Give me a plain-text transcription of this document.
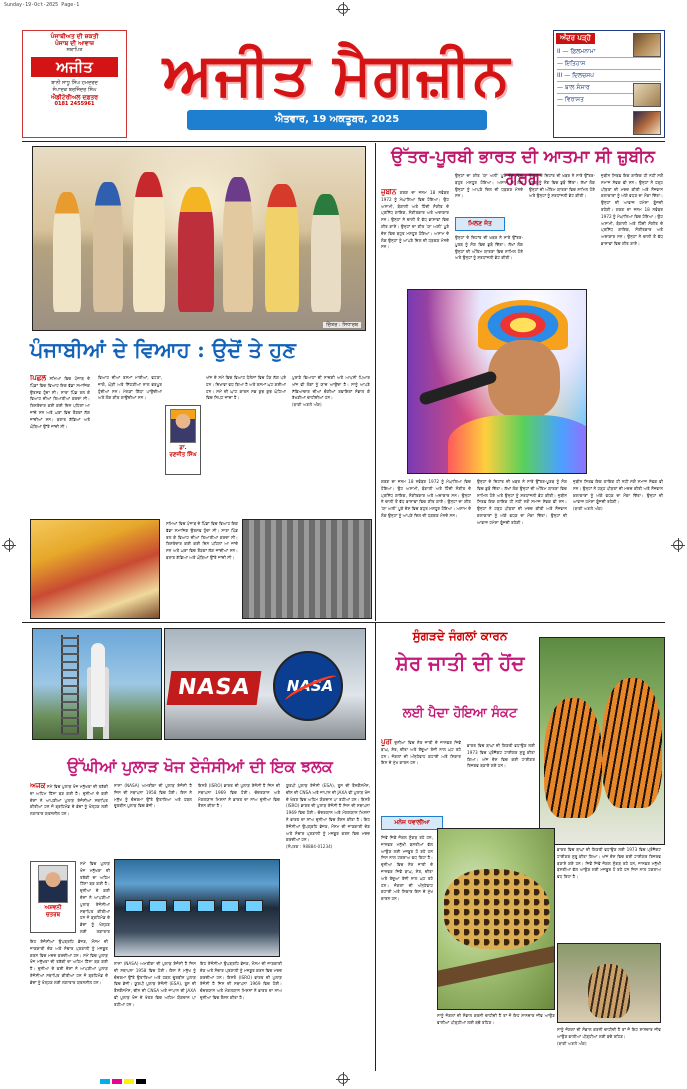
Sunday-19-Oct-2025 Page-1
ਪੰਜਾਬੀਅਤ ਦੀ ਸ਼ਕਤੀ
ਪੰਜਾਬ ਦੀ ਆਵਾਜ਼
ਸਥਾਪਿਤ
ਅਜੀਤ
ਬਾਨੀ ਸਾਧੂ ਸਿੰਘ ਹਮਦਰਦ
ਸੰਪਾਦਕ ਬਰਜਿੰਦਰ ਸਿੰਘ
ਐਡੀਟੋਰੀਅਲ ਦਫ਼ਤਰ
0181 2455961	ਅਜੀਤ ਮੈਗਜ਼ੀਨ
ਐਤਵਾਰ, 19 ਅਕਤੂਬਰ, 2025
ਅੰਦਰ ਪੜ੍ਹੋ
II — ਫ਼ਿਲਮਨਾਮਾ
— ਇਤਿਹਾਸ
III — ਦਿਲਚਸਪ
— ਬਾਲ ਸੰਸਾਰ
— ਵਿਰਾਸਤ
ਚਿੱਤਰ : ਸਿਧਾਰਥ
ਪੰਜਾਬੀਆਂ ਦੇ ਵਿਆਹ : ਉਦੋਂ ਤੇ ਹੁਣ
ਪਿਛਲੇ ਸਮਿਆਂ ਵਿਚ ਪੰਜਾਬ ਦੇ ਪਿੰਡਾਂ ਵਿਚ ਵਿਆਹ ਇਕ ਵੱਡਾ ਸਮਾਜਿਕ ਉਤਸਵ ਹੁੰਦਾ ਸੀ। ਸਾਰਾ ਪਿੰਡ ਰਲ ਕੇ ਵਿਆਹ ਦੀਆਂ ਤਿਆਰੀਆਂ ਕਰਦਾ ਸੀ। ਰਿਸ਼ਤੇਦਾਰ ਕਈ ਕਈ ਦਿਨ ਪਹਿਲਾਂ ਆ ਜਾਂਦੇ ਸਨ ਅਤੇ ਘਰਾਂ ਵਿਚ ਰੌਣਕਾਂ ਲੱਗ ਜਾਂਦੀਆਂ ਸਨ। ਬਰਾਤ ਗੱਡਿਆਂ ਅਤੇ ਘੋੜਿਆਂ ਉੱਤੇ ਜਾਂਦੀ ਸੀ।
ਵਿਆਹ ਦੀਆਂ ਰਸਮਾਂ ਮਾਈਆਂ, ਵਟਣਾ, ਜਾਗੋ, ਘੋੜੀ ਅਤੇ ਸਿੱਠਣੀਆਂ ਨਾਲ ਭਰਪੂਰ ਹੁੰਦੀਆਂ ਸਨ। ਮੇਲਣਾਂ ਗਿੱਧਾ ਪਾਉਂਦੀਆਂ ਅਤੇ ਲੋਕ ਗੀਤ ਗਾਉਂਦੀਆਂ ਸਨ।
ਡਾ.
ਰਣਜੀਤ ਸਿੰਘ
ਅੱਜ ਦੇ ਸਮੇਂ ਵਿਚ ਵਿਆਹ ਪੈਲੇਸਾਂ ਵਿਚ ਹੋਣ ਲੱਗ ਪਏ ਹਨ। ਦਿਖਾਵਾ ਵਧ ਗਿਆ ਹੈ ਅਤੇ ਰਸਮਾਂ ਘਟ ਗਈਆਂ ਹਨ। ਸਮੇਂ ਦੀ ਘਾਟ ਕਾਰਨ ਸਭ ਕੁਝ ਕੁਝ ਘੰਟਿਆਂ ਵਿਚ ਨਿਪਟ ਜਾਂਦਾ ਹੈ।
ਪੁਰਾਣੇ ਵਿਆਹਾਂ ਦੀ ਸਾਦਗੀ ਅਤੇ ਆਪਸੀ ਪਿਆਰ ਅੱਜ ਵੀ ਲੋਕਾਂ ਨੂੰ ਯਾਦ ਆਉਂਦਾ ਹੈ। ਸਾਨੂੰ ਆਪਣੇ ਸੱਭਿਆਚਾਰ ਦੀਆਂ ਚੰਗੀਆਂ ਰਵਾਇਤਾਂ ਸੰਭਾਲ ਕੇ ਰੱਖਣੀਆਂ ਚਾਹੀਦੀਆਂ ਹਨ।
(ਬਾਕੀ ਅਗਲੇ ਅੰਕ)
ਸਮਿਆਂ ਵਿਚ ਪੰਜਾਬ ਦੇ ਪਿੰਡਾਂ ਵਿਚ ਵਿਆਹ ਇਕ ਵੱਡਾ ਸਮਾਜਿਕ ਉਤਸਵ ਹੁੰਦਾ ਸੀ। ਸਾਰਾ ਪਿੰਡ ਰਲ ਕੇ ਵਿਆਹ ਦੀਆਂ ਤਿਆਰੀਆਂ ਕਰਦਾ ਸੀ। ਰਿਸ਼ਤੇਦਾਰ ਕਈ ਕਈ ਦਿਨ ਪਹਿਲਾਂ ਆ ਜਾਂਦੇ ਸਨ ਅਤੇ ਘਰਾਂ ਵਿਚ ਰੌਣਕਾਂ ਲੱਗ ਜਾਂਦੀਆਂ ਸਨ। ਬਰਾਤ ਗੱਡਿਆਂ ਅਤੇ ਘੋੜਿਆਂ ਉੱਤੇ ਜਾਂਦੀ ਸੀ।
ਉੱਤਰ-ਪੂਰਬੀ ਭਾਰਤ ਦੀ ਆਤਮਾ ਸੀ ਜ਼ੁਬੀਨ ਗਰਗ
ਜ਼ੁਬੀਨ ਗਰਗ ਦਾ ਜਨਮ 18 ਨਵੰਬਰ 1972 ਨੂੰ ਮੇਘਾਲਿਆ ਵਿਚ ਹੋਇਆ। ਉਹ ਅਸਾਮੀ, ਬੰਗਾਲੀ ਅਤੇ ਹਿੰਦੀ ਸੰਗੀਤ ਦੇ ਪ੍ਰਸਿੱਧ ਗਾਇਕ, ਸੰਗੀਤਕਾਰ ਅਤੇ ਅਦਾਕਾਰ ਸਨ। ਉਨ੍ਹਾਂ ਨੇ ਚਾਲੀ ਤੋਂ ਵੱਧ ਭਾਸ਼ਾਵਾਂ ਵਿਚ ਗੀਤ ਗਾਏ। ਉਨ੍ਹਾਂ ਦਾ ਗੀਤ 'ਯਾ ਅਲੀ' ਪੂਰੇ ਦੇਸ਼ ਵਿਚ ਬਹੁਤ ਮਸ਼ਹੂਰ ਹੋਇਆ। ਅਸਾਮ ਦੇ ਲੋਕ ਉਨ੍ਹਾਂ ਨੂੰ ਆਪਣੇ ਦਿਲ ਦੀ ਧੜਕਣ ਮੰਨਦੇ ਸਨ।
ਉਨ੍ਹਾਂ ਦਾ ਗੀਤ 'ਯਾ ਅਲੀ' ਪੂਰੇ ਦੇਸ਼ ਵਿਚ ਬਹੁਤ ਮਸ਼ਹੂਰ ਹੋਇਆ। ਅਸਾਮ ਦੇ ਲੋਕ ਉਨ੍ਹਾਂ ਨੂੰ ਆਪਣੇ ਦਿਲ ਦੀ ਧੜਕਣ ਮੰਨਦੇ ਸਨ।
ਮਿਲਣ ਜੋਤ
ਉਨ੍ਹਾਂ ਦੇ ਦਿਹਾਂਤ ਦੀ ਖ਼ਬਰ ਨੇ ਸਾਰੇ ਉੱਤਰ-ਪੂਰਬ ਨੂੰ ਸੋਗ ਵਿਚ ਡੁਬੋ ਦਿੱਤਾ। ਲੱਖਾਂ ਲੋਕ ਉਨ੍ਹਾਂ ਦੀ ਅੰਤਿਮ ਯਾਤਰਾ ਵਿਚ ਸ਼ਾਮਿਲ ਹੋਏ ਅਤੇ ਉਨ੍ਹਾਂ ਨੂੰ ਸ਼ਰਧਾਂਜਲੀ ਭੇਟ ਕੀਤੀ।
ਉਨ੍ਹਾਂ ਦੇ ਦਿਹਾਂਤ ਦੀ ਖ਼ਬਰ ਨੇ ਸਾਰੇ ਉੱਤਰ-ਪੂਰਬ ਨੂੰ ਸੋਗ ਵਿਚ ਡੁਬੋ ਦਿੱਤਾ। ਲੱਖਾਂ ਲੋਕ ਉਨ੍ਹਾਂ ਦੀ ਅੰਤਿਮ ਯਾਤਰਾ ਵਿਚ ਸ਼ਾਮਿਲ ਹੋਏ ਅਤੇ ਉਨ੍ਹਾਂ ਨੂੰ ਸ਼ਰਧਾਂਜਲੀ ਭੇਟ ਕੀਤੀ।
ਜ਼ੁਬੀਨ ਸਿਰਫ਼ ਇਕ ਗਾਇਕ ਹੀ ਨਹੀਂ ਸਗੋਂ ਸਮਾਜ ਸੇਵਕ ਵੀ ਸਨ। ਉਨ੍ਹਾਂ ਨੇ ਹੜ੍ਹ ਪੀੜਤਾਂ ਦੀ ਮਦਦ ਕੀਤੀ ਅਤੇ ਨੌਜਵਾਨ ਕਲਾਕਾਰਾਂ ਨੂੰ ਅੱਗੇ ਵਧਣ ਦਾ ਮੌਕਾ ਦਿੱਤਾ। ਉਨ੍ਹਾਂ ਦੀ ਆਵਾਜ਼ ਹਮੇਸ਼ਾ ਗੂੰਜਦੀ ਰਹੇਗੀ। ਗਰਗ ਦਾ ਜਨਮ 18 ਨਵੰਬਰ 1972 ਨੂੰ ਮੇਘਾਲਿਆ ਵਿਚ ਹੋਇਆ। ਉਹ ਅਸਾਮੀ, ਬੰਗਾਲੀ ਅਤੇ ਹਿੰਦੀ ਸੰਗੀਤ ਦੇ ਪ੍ਰਸਿੱਧ ਗਾਇਕ, ਸੰਗੀਤਕਾਰ ਅਤੇ ਅਦਾਕਾਰ ਸਨ। ਉਨ੍ਹਾਂ ਨੇ ਚਾਲੀ ਤੋਂ ਵੱਧ ਭਾਸ਼ਾਵਾਂ ਵਿਚ ਗੀਤ ਗਾਏ।
ਗਰਗ ਦਾ ਜਨਮ 18 ਨਵੰਬਰ 1972 ਨੂੰ ਮੇਘਾਲਿਆ ਵਿਚ ਹੋਇਆ। ਉਹ ਅਸਾਮੀ, ਬੰਗਾਲੀ ਅਤੇ ਹਿੰਦੀ ਸੰਗੀਤ ਦੇ ਪ੍ਰਸਿੱਧ ਗਾਇਕ, ਸੰਗੀਤਕਾਰ ਅਤੇ ਅਦਾਕਾਰ ਸਨ। ਉਨ੍ਹਾਂ ਨੇ ਚਾਲੀ ਤੋਂ ਵੱਧ ਭਾਸ਼ਾਵਾਂ ਵਿਚ ਗੀਤ ਗਾਏ। ਉਨ੍ਹਾਂ ਦਾ ਗੀਤ 'ਯਾ ਅਲੀ' ਪੂਰੇ ਦੇਸ਼ ਵਿਚ ਬਹੁਤ ਮਸ਼ਹੂਰ ਹੋਇਆ। ਅਸਾਮ ਦੇ ਲੋਕ ਉਨ੍ਹਾਂ ਨੂੰ ਆਪਣੇ ਦਿਲ ਦੀ ਧੜਕਣ ਮੰਨਦੇ ਸਨ।
ਉਨ੍ਹਾਂ ਦੇ ਦਿਹਾਂਤ ਦੀ ਖ਼ਬਰ ਨੇ ਸਾਰੇ ਉੱਤਰ-ਪੂਰਬ ਨੂੰ ਸੋਗ ਵਿਚ ਡੁਬੋ ਦਿੱਤਾ। ਲੱਖਾਂ ਲੋਕ ਉਨ੍ਹਾਂ ਦੀ ਅੰਤਿਮ ਯਾਤਰਾ ਵਿਚ ਸ਼ਾਮਿਲ ਹੋਏ ਅਤੇ ਉਨ੍ਹਾਂ ਨੂੰ ਸ਼ਰਧਾਂਜਲੀ ਭੇਟ ਕੀਤੀ। ਜ਼ੁਬੀਨ ਸਿਰਫ਼ ਇਕ ਗਾਇਕ ਹੀ ਨਹੀਂ ਸਗੋਂ ਸਮਾਜ ਸੇਵਕ ਵੀ ਸਨ। ਉਨ੍ਹਾਂ ਨੇ ਹੜ੍ਹ ਪੀੜਤਾਂ ਦੀ ਮਦਦ ਕੀਤੀ ਅਤੇ ਨੌਜਵਾਨ ਕਲਾਕਾਰਾਂ ਨੂੰ ਅੱਗੇ ਵਧਣ ਦਾ ਮੌਕਾ ਦਿੱਤਾ। ਉਨ੍ਹਾਂ ਦੀ ਆਵਾਜ਼ ਹਮੇਸ਼ਾ ਗੂੰਜਦੀ ਰਹੇਗੀ।
ਜ਼ੁਬੀਨ ਸਿਰਫ਼ ਇਕ ਗਾਇਕ ਹੀ ਨਹੀਂ ਸਗੋਂ ਸਮਾਜ ਸੇਵਕ ਵੀ ਸਨ। ਉਨ੍ਹਾਂ ਨੇ ਹੜ੍ਹ ਪੀੜਤਾਂ ਦੀ ਮਦਦ ਕੀਤੀ ਅਤੇ ਨੌਜਵਾਨ ਕਲਾਕਾਰਾਂ ਨੂੰ ਅੱਗੇ ਵਧਣ ਦਾ ਮੌਕਾ ਦਿੱਤਾ। ਉਨ੍ਹਾਂ ਦੀ ਆਵਾਜ਼ ਹਮੇਸ਼ਾ ਗੂੰਜਦੀ ਰਹੇਗੀ।
(ਬਾਕੀ ਅਗਲੇ ਅੰਕ)
NASA	NASA
ਉੱਘੀਆਂ ਪੁਲਾੜ ਖੋਜ ਏਜੰਸੀਆਂ ਦੀ ਇਕ ਝਲਕ
ਅਜੋਕੇ ਸਮੇਂ ਵਿਚ ਪੁਲਾੜ ਖੋਜ ਮਨੁੱਖਤਾ ਦੀ ਤਰੱਕੀ ਦਾ ਅਹਿਮ ਹਿੱਸਾ ਬਣ ਗਈ ਹੈ। ਦੁਨੀਆ ਦੇ ਕਈ ਦੇਸ਼ਾਂ ਨੇ ਆਪਣੀਆਂ ਪੁਲਾੜ ਏਜੰਸੀਆਂ ਸਥਾਪਿਤ ਕੀਤੀਆਂ ਹਨ ਜੋ ਬ੍ਰਹਿਮੰਡ ਦੇ ਭੇਦਾਂ ਨੂੰ ਖੋਲ੍ਹਣ ਲਈ ਲਗਾਤਾਰ ਯਤਨਸ਼ੀਲ ਹਨ।
ਅਸ਼ਵਨੀ
ਚਤਰਥ
ਸਮੇਂ ਵਿਚ ਪੁਲਾੜ ਖੋਜ ਮਨੁੱਖਤਾ ਦੀ ਤਰੱਕੀ ਦਾ ਅਹਿਮ ਹਿੱਸਾ ਬਣ ਗਈ ਹੈ। ਦੁਨੀਆ ਦੇ ਕਈ ਦੇਸ਼ਾਂ ਨੇ ਆਪਣੀਆਂ ਪੁਲਾੜ ਏਜੰਸੀਆਂ ਸਥਾਪਿਤ ਕੀਤੀਆਂ ਹਨ ਜੋ ਬ੍ਰਹਿਮੰਡ ਦੇ ਭੇਦਾਂ ਨੂੰ ਖੋਲ੍ਹਣ ਲਈ ਲਗਾਤਾਰ
ਇਹ ਏਜੰਸੀਆਂ ਉਪਗ੍ਰਹਿ ਭੇਜਣ, ਮੌਸਮ ਦੀ ਜਾਣਕਾਰੀ ਦੇਣ ਅਤੇ ਸੰਚਾਰ ਪ੍ਰਣਾਲੀ ਨੂੰ ਮਜ਼ਬੂਤ ਕਰਨ ਵਿਚ ਮਦਦ ਕਰਦੀਆਂ ਹਨ। ਸਮੇਂ ਵਿਚ ਪੁਲਾੜ ਖੋਜ ਮਨੁੱਖਤਾ ਦੀ ਤਰੱਕੀ ਦਾ ਅਹਿਮ ਹਿੱਸਾ ਬਣ ਗਈ ਹੈ। ਦੁਨੀਆ ਦੇ ਕਈ ਦੇਸ਼ਾਂ ਨੇ ਆਪਣੀਆਂ ਪੁਲਾੜ ਏਜੰਸੀਆਂ ਸਥਾਪਿਤ ਕੀਤੀਆਂ ਹਨ ਜੋ ਬ੍ਰਹਿਮੰਡ ਦੇ ਭੇਦਾਂ ਨੂੰ ਖੋਲ੍ਹਣ ਲਈ ਲਗਾਤਾਰ ਯਤਨਸ਼ੀਲ ਹਨ।
ਨਾਸਾ (NASA) ਅਮਰੀਕਾ ਦੀ ਪੁਲਾੜ ਏਜੰਸੀ ਹੈ ਜਿਸ ਦੀ ਸਥਾਪਨਾ 1958 ਵਿਚ ਹੋਈ। ਇਸ ਨੇ ਮਨੁੱਖ ਨੂੰ ਚੰਦਰਮਾ ਉੱਤੇ ਉਤਾਰਿਆ ਅਤੇ ਹਬਲ ਦੂਰਬੀਨ ਪੁਲਾੜ ਵਿਚ ਭੇਜੀ।
ਇਸਰੋ (ISRO) ਭਾਰਤ ਦੀ ਪੁਲਾੜ ਏਜੰਸੀ ਹੈ ਜਿਸ ਦੀ ਸਥਾਪਨਾ 1969 ਵਿਚ ਹੋਈ। ਚੰਦਰਯਾਨ ਅਤੇ ਮੰਗਲਯਾਨ ਮਿਸ਼ਨਾਂ ਨੇ ਭਾਰਤ ਦਾ ਨਾਂਅ ਦੁਨੀਆ ਵਿਚ ਰੌਸ਼ਨ ਕੀਤਾ ਹੈ।
ਯੂਰਪੀ ਪੁਲਾੜ ਏਜੰਸੀ (ESA), ਰੂਸ ਦੀ ਰੌਸਕੌਸਮੌਸ, ਚੀਨ ਦੀ CNSA ਅਤੇ ਜਾਪਾਨ ਦੀ JAXA ਵੀ ਪੁਲਾੜ ਖੋਜ ਦੇ ਖੇਤਰ ਵਿਚ ਅਹਿਮ ਯੋਗਦਾਨ ਪਾ ਰਹੀਆਂ ਹਨ। ਇਸਰੋ (ISRO) ਭਾਰਤ ਦੀ ਪੁਲਾੜ ਏਜੰਸੀ ਹੈ ਜਿਸ ਦੀ ਸਥਾਪਨਾ 1969 ਵਿਚ ਹੋਈ। ਚੰਦਰਯਾਨ ਅਤੇ ਮੰਗਲਯਾਨ ਮਿਸ਼ਨਾਂ ਨੇ ਭਾਰਤ ਦਾ ਨਾਂਅ ਦੁਨੀਆ ਵਿਚ ਰੌਸ਼ਨ ਕੀਤਾ ਹੈ। ਇਹ ਏਜੰਸੀਆਂ ਉਪਗ੍ਰਹਿ ਭੇਜਣ, ਮੌਸਮ ਦੀ ਜਾਣਕਾਰੀ ਦੇਣ ਅਤੇ ਸੰਚਾਰ ਪ੍ਰਣਾਲੀ ਨੂੰ ਮਜ਼ਬੂਤ ਕਰਨ ਵਿਚ ਮਦਦ ਕਰਦੀਆਂ ਹਨ।
(ਸੰਪਰਕ : 98884-01234)
ਨਾਸਾ (NASA) ਅਮਰੀਕਾ ਦੀ ਪੁਲਾੜ ਏਜੰਸੀ ਹੈ ਜਿਸ ਦੀ ਸਥਾਪਨਾ 1958 ਵਿਚ ਹੋਈ। ਇਸ ਨੇ ਮਨੁੱਖ ਨੂੰ ਚੰਦਰਮਾ ਉੱਤੇ ਉਤਾਰਿਆ ਅਤੇ ਹਬਲ ਦੂਰਬੀਨ ਪੁਲਾੜ ਵਿਚ ਭੇਜੀ। ਯੂਰਪੀ ਪੁਲਾੜ ਏਜੰਸੀ (ESA), ਰੂਸ ਦੀ ਰੌਸਕੌਸਮੌਸ, ਚੀਨ ਦੀ CNSA ਅਤੇ ਜਾਪਾਨ ਦੀ JAXA ਵੀ ਪੁਲਾੜ ਖੋਜ ਦੇ ਖੇਤਰ ਵਿਚ ਅਹਿਮ ਯੋਗਦਾਨ ਪਾ ਰਹੀਆਂ ਹਨ।
ਇਹ ਏਜੰਸੀਆਂ ਉਪਗ੍ਰਹਿ ਭੇਜਣ, ਮੌਸਮ ਦੀ ਜਾਣਕਾਰੀ ਦੇਣ ਅਤੇ ਸੰਚਾਰ ਪ੍ਰਣਾਲੀ ਨੂੰ ਮਜ਼ਬੂਤ ਕਰਨ ਵਿਚ ਮਦਦ ਕਰਦੀਆਂ ਹਨ। ਇਸਰੋ (ISRO) ਭਾਰਤ ਦੀ ਪੁਲਾੜ ਏਜੰਸੀ ਹੈ ਜਿਸ ਦੀ ਸਥਾਪਨਾ 1969 ਵਿਚ ਹੋਈ। ਚੰਦਰਯਾਨ ਅਤੇ ਮੰਗਲਯਾਨ ਮਿਸ਼ਨਾਂ ਨੇ ਭਾਰਤ ਦਾ ਨਾਂਅ ਦੁਨੀਆ ਵਿਚ ਰੌਸ਼ਨ ਕੀਤਾ ਹੈ।
ਸੁੰਗੜਦੇ ਜੰਗਲਾਂ ਕਾਰਨ
ਸ਼ੇਰ ਜਾਤੀ ਦੀ ਹੋਂਦ
ਲਈ ਪੈਦਾ ਹੋਇਆ ਸੰਕਟ
ਪੂਰੀ ਦੁਨੀਆ ਵਿਚ ਸ਼ੇਰ ਜਾਤੀ ਦੇ ਜਾਨਵਰ ਜਿਵੇਂ ਬਾਘ, ਸ਼ੇਰ, ਚੀਤਾ ਅਤੇ ਤੇਂਦੂਆ ਤੇਜ਼ੀ ਨਾਲ ਘਟ ਰਹੇ ਹਨ। ਜੰਗਲਾਂ ਦੀ ਅੰਨ੍ਹੇਵਾਹ ਕਟਾਈ ਅਤੇ ਸ਼ਿਕਾਰ ਇਸ ਦੇ ਮੁੱਖ ਕਾਰਨ ਹਨ।
ਭਾਰਤ ਵਿਚ ਬਾਘਾਂ ਦੀ ਗਿਣਤੀ ਵਧਾਉਣ ਲਈ 1973 ਵਿਚ ਪ੍ਰੋਜੈਕਟ ਟਾਈਗਰ ਸ਼ੁਰੂ ਕੀਤਾ ਗਿਆ। ਅੱਜ ਦੇਸ਼ ਵਿਚ ਕਈ ਟਾਈਗਰ ਰਿਜ਼ਰਵ ਬਣਾਏ ਗਏ ਹਨ।
ਮਨੋਜ ਧਵਾਲੀਆ
ਜਿਵੇਂ ਜਿਵੇਂ ਜੰਗਲ ਸੁੰਗੜ ਰਹੇ ਹਨ, ਜਾਨਵਰ ਮਨੁੱਖੀ ਬਸਤੀਆਂ ਵੱਲ ਆਉਣ ਲਈ ਮਜਬੂਰ ਹੋ ਰਹੇ ਹਨ ਜਿਸ ਨਾਲ ਟਕਰਾਅ ਵਧ ਰਿਹਾ ਹੈ। ਦੁਨੀਆ ਵਿਚ ਸ਼ੇਰ ਜਾਤੀ ਦੇ ਜਾਨਵਰ ਜਿਵੇਂ ਬਾਘ, ਸ਼ੇਰ, ਚੀਤਾ ਅਤੇ ਤੇਂਦੂਆ ਤੇਜ਼ੀ ਨਾਲ ਘਟ ਰਹੇ ਹਨ। ਜੰਗਲਾਂ ਦੀ ਅੰਨ੍ਹੇਵਾਹ ਕਟਾਈ ਅਤੇ ਸ਼ਿਕਾਰ ਇਸ ਦੇ ਮੁੱਖ ਕਾਰਨ ਹਨ।
ਭਾਰਤ ਵਿਚ ਬਾਘਾਂ ਦੀ ਗਿਣਤੀ ਵਧਾਉਣ ਲਈ 1973 ਵਿਚ ਪ੍ਰੋਜੈਕਟ ਟਾਈਗਰ ਸ਼ੁਰੂ ਕੀਤਾ ਗਿਆ। ਅੱਜ ਦੇਸ਼ ਵਿਚ ਕਈ ਟਾਈਗਰ ਰਿਜ਼ਰਵ ਬਣਾਏ ਗਏ ਹਨ। ਜਿਵੇਂ ਜਿਵੇਂ ਜੰਗਲ ਸੁੰਗੜ ਰਹੇ ਹਨ, ਜਾਨਵਰ ਮਨੁੱਖੀ ਬਸਤੀਆਂ ਵੱਲ ਆਉਣ ਲਈ ਮਜਬੂਰ ਹੋ ਰਹੇ ਹਨ ਜਿਸ ਨਾਲ ਟਕਰਾਅ ਵਧ ਰਿਹਾ ਹੈ।
ਸਾਨੂੰ ਜੰਗਲਾਂ ਦੀ ਸੰਭਾਲ ਕਰਨੀ ਚਾਹੀਦੀ ਹੈ ਤਾਂ ਜੋ ਇਹ ਸ਼ਾਨਦਾਰ ਜੀਵ ਆਉਣ ਵਾਲੀਆਂ ਪੀੜ੍ਹੀਆਂ ਲਈ ਬਚੇ ਰਹਿਣ।
ਸਾਨੂੰ ਜੰਗਲਾਂ ਦੀ ਸੰਭਾਲ ਕਰਨੀ ਚਾਹੀਦੀ ਹੈ ਤਾਂ ਜੋ ਇਹ ਸ਼ਾਨਦਾਰ ਜੀਵ ਆਉਣ ਵਾਲੀਆਂ ਪੀੜ੍ਹੀਆਂ ਲਈ ਬਚੇ ਰਹਿਣ।
(ਬਾਕੀ ਅਗਲੇ ਅੰਕ)
